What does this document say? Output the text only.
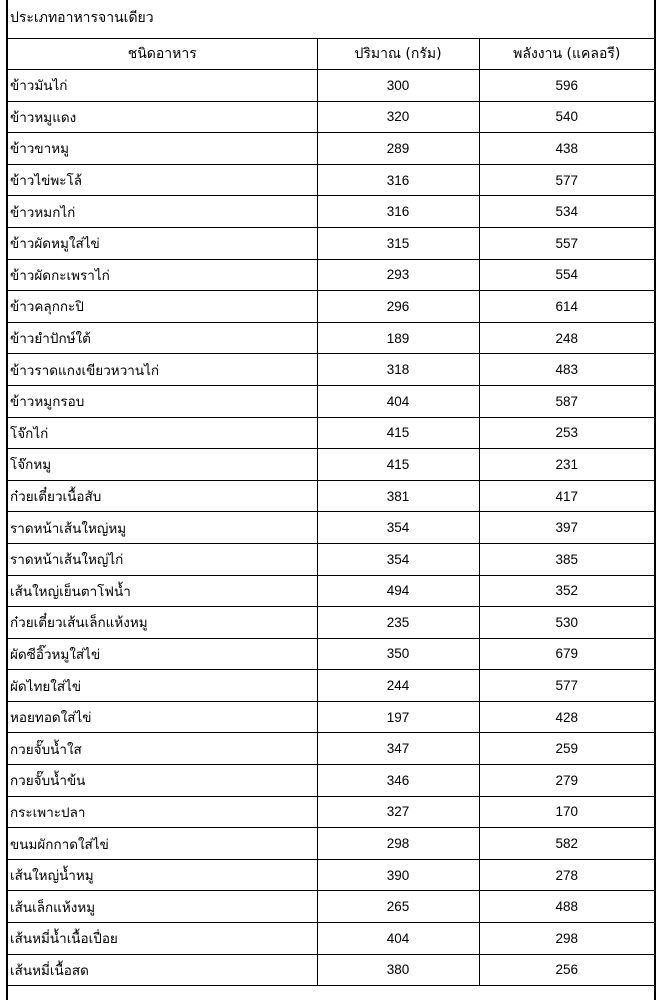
ประเภทอาหารจานเดียว
ชนิดอาหาร	ปริมาณ (กรัม)	พลังงาน (แคลอรี)
ข้าวมันไก่	300	596
ข้าวหมูแดง	320	540
ข้าวขาหมู	289	438
ข้าวไข่พะโล้	316	577
ข้าวหมกไก่	316	534
ข้าวผัดหมูใส่ไข่	315	557
ข้าวผัดกะเพราไก่	293	554
ข้าวคลุกกะปิ	296	614
ข้าวยำปักษ์ใต้	189	248
ข้าวราดแกงเขียวหวานไก่	318	483
ข้าวหมูกรอบ	404	587
โจ๊กไก่	415	253
โจ๊กหมู	415	231
ก๋วยเตี๋ยวเนื้อสับ	381	417
ราดหน้าเส้นใหญ่หมู	354	397
ราดหน้าเส้นใหญ่ไก่	354	385
เส้นใหญ่เย็นตาโฟน้ำ	494	352
ก๋วยเตี๋ยวเส้นเล็กแห้งหมู	235	530
ผัดซีอิ๊วหมูใส่ไข่	350	679
ผัดไทยใส่ไข่	244	577
หอยทอดใส่ไข่	197	428
กวยจั๊บน้ำใส	347	259
กวยจั๊บน้ำข้น	346	279
กระเพาะปลา	327	170
ขนมผักกาดใส่ไข่	298	582
เส้นใหญ่น้ำหมู	390	278
เส้นเล็กแห้งหมู	265	488
เส้นหมี่น้ำเนื้อเปื่อย	404	298
เส้นหมี่เนื้อสด	380	256
